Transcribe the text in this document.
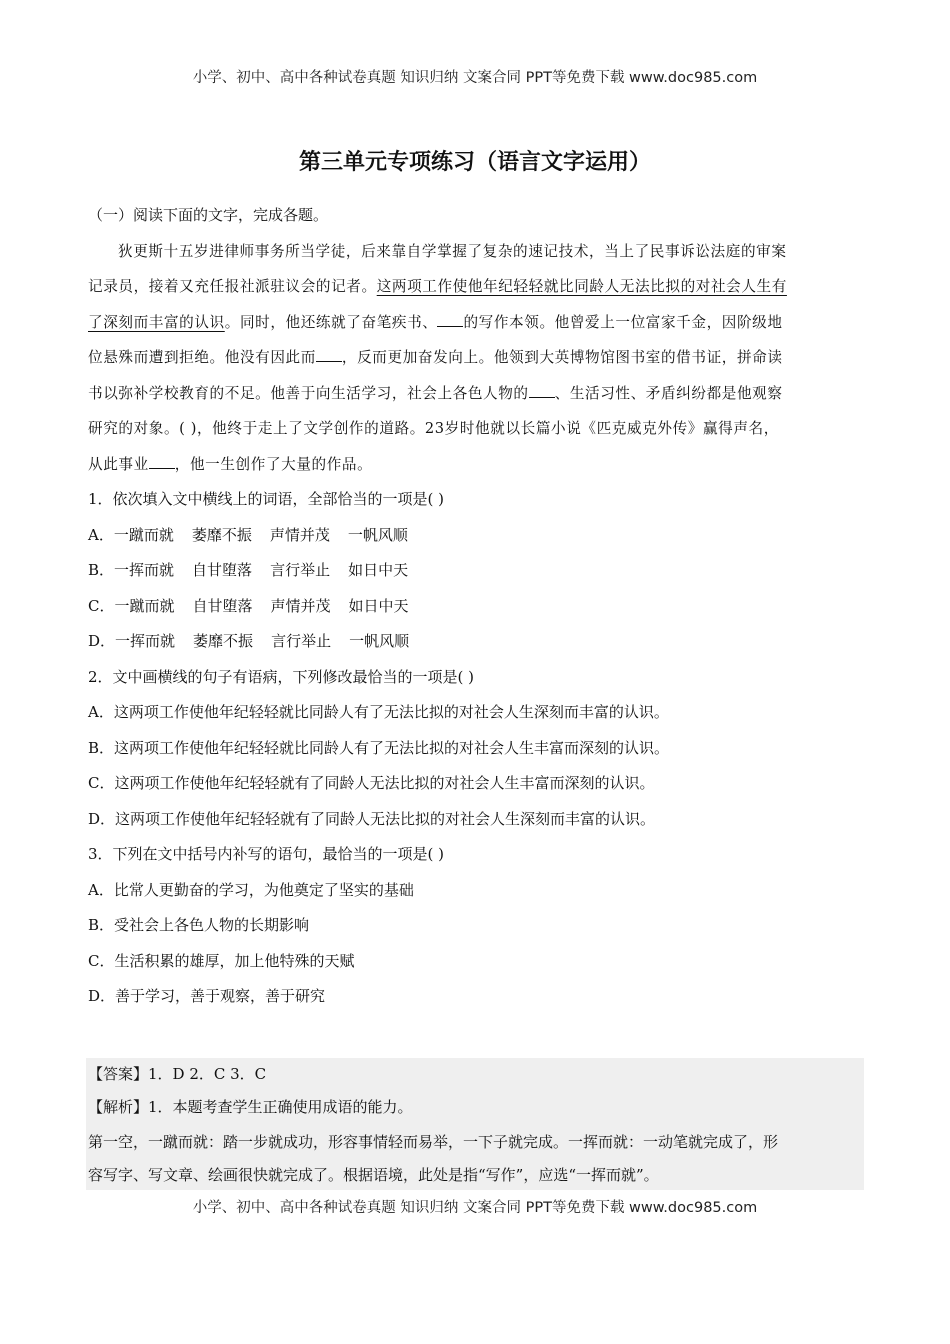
小学、初中、高中各种试卷真题 知识归纳 文案合同 PPT等免费下载 www.doc985.com
第三单元专项练习（语言文字运用）
（一）阅读下面的文字，完成各题。
狄更斯十五岁进律师事务所当学徒，后来靠自学掌握了复杂的速记技术，当上了民事诉讼法庭的审案
记录员，接着又充任报社派驻议会的记者。这两项工作使他年纪轻轻就比同龄人无法比拟的对社会人生有
了深刻而丰富的认识。同时，他还练就了奋笔疾书、 的写作本领。他曾爱上一位富家千金，因阶级地
位悬殊而遭到拒绝。他没有因此而 ，反而更加奋发向上。他领到大英博物馆图书室的借书证，拼命读
书以弥补学校教育的不足。他善于向生活学习，社会上各色人物的 、生活习性、矛盾纠纷都是他观察
研究的对象。( )，他终于走上了文学创作的道路。23岁时他就以长篇小说《匹克威克外传》赢得声名，
从此事业 ，他一生创作了大量的作品。
1．依次填入文中横线上的词语，全部恰当的一项是( )
A．一蹴而就 萎靡不振 声情并茂 一帆风顺
B．一挥而就 自甘堕落 言行举止 如日中天
C．一蹴而就 自甘堕落 声情并茂 如日中天
D．一挥而就 萎靡不振 言行举止 一帆风顺
2．文中画横线的句子有语病，下列修改最恰当的一项是( )
A．这两项工作使他年纪轻轻就比同龄人有了无法比拟的对社会人生深刻而丰富的认识。
B．这两项工作使他年纪轻轻就比同龄人有了无法比拟的对社会人生丰富而深刻的认识。
C．这两项工作使他年纪轻轻就有了同龄人无法比拟的对社会人生丰富而深刻的认识。
D．这两项工作使他年纪轻轻就有了同龄人无法比拟的对社会人生深刻而丰富的认识。
3．下列在文中括号内补写的语句，最恰当的一项是( )
A．比常人更勤奋的学习，为他奠定了坚实的基础
B．受社会上各色人物的长期影响
C．生活积累的雄厚，加上他特殊的天赋
D．善于学习，善于观察，善于研究
【答案】1．D 2．C 3．C
【解析】1．本题考查学生正确使用成语的能力。
第一空，一蹴而就：踏一步就成功，形容事情轻而易举，一下子就完成。一挥而就：一动笔就完成了，形
容写字、写文章、绘画很快就完成了。根据语境，此处是指“写作”，应选“一挥而就”。
小学、初中、高中各种试卷真题 知识归纳 文案合同 PPT等免费下载 www.doc985.com
